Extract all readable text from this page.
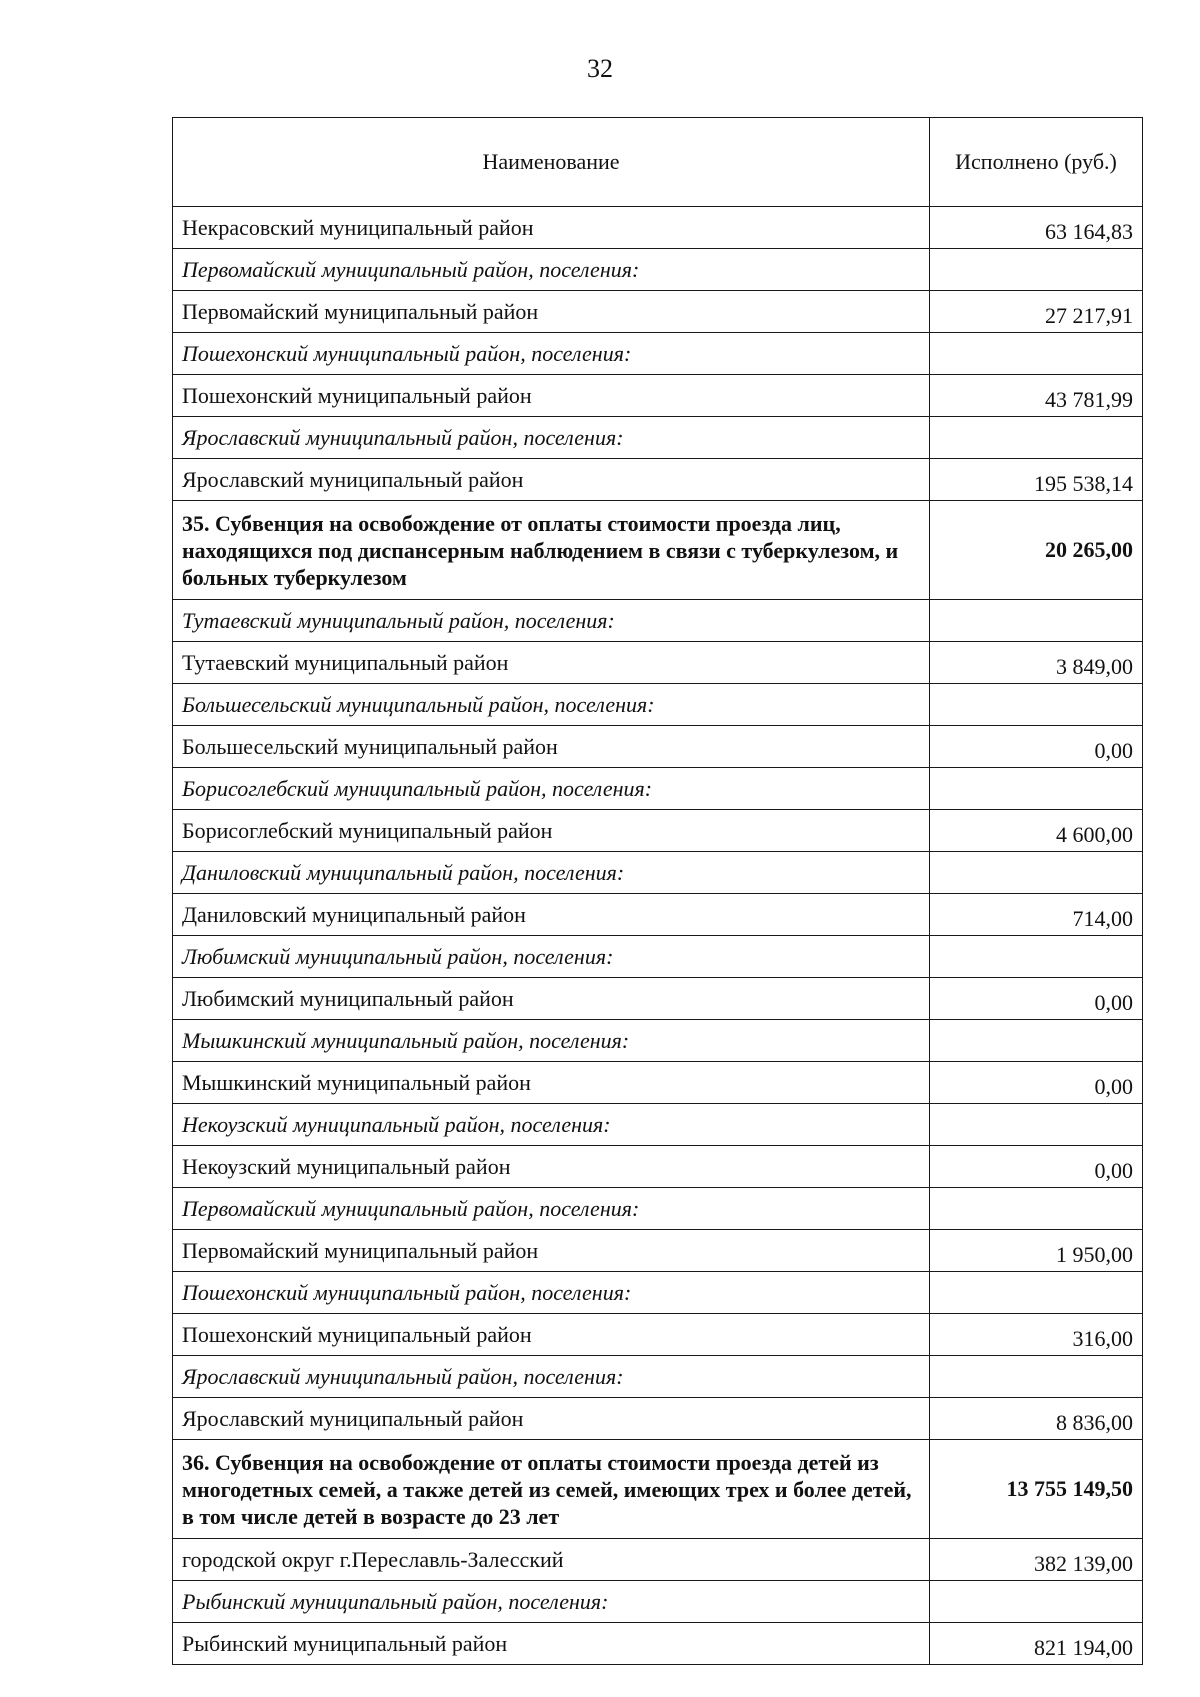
32
Наименование	Исполнено (руб.)
Некрасовский муниципальный район	63 164,83
Первомайский муниципальный район, поселения:	
Первомайский муниципальный район	27 217,91
Пошехонский муниципальный район, поселения:	
Пошехонский муниципальный район	43 781,99
Ярославский муниципальный район, поселения:	
Ярославский муниципальный район	195 538,14
35. Субвенция на освобождение от оплаты стоимости проезда лиц, находящихся под диспансерным наблюдением в связи с туберкулезом, и больных туберкулезом	20 265,00
Тутаевский муниципальный район, поселения:	
Тутаевский муниципальный район	3 849,00
Большесельский муниципальный район, поселения:	
Большесельский муниципальный район	0,00
Борисоглебский муниципальный район, поселения:	
Борисоглебский муниципальный район	4 600,00
Даниловский муниципальный район, поселения:	
Даниловский муниципальный район	714,00
Любимский муниципальный район, поселения:	
Любимский муниципальный район	0,00
Мышкинский муниципальный район, поселения:	
Мышкинский муниципальный район	0,00
Некоузский муниципальный район, поселения:	
Некоузский муниципальный район	0,00
Первомайский муниципальный район, поселения:	
Первомайский муниципальный район	1 950,00
Пошехонский муниципальный район, поселения:	
Пошехонский муниципальный район	316,00
Ярославский муниципальный район, поселения:	
Ярославский муниципальный район	8 836,00
36. Субвенция на освобождение от оплаты стоимости проезда детей из многодетных семей, а также детей из семей, имеющих трех и более детей, в том числе детей в возрасте до 23 лет	13 755 149,50
городской округ г.Переславль-Залесский	382 139,00
Рыбинский муниципальный район, поселения:	
Рыбинский муниципальный район	821 194,00
